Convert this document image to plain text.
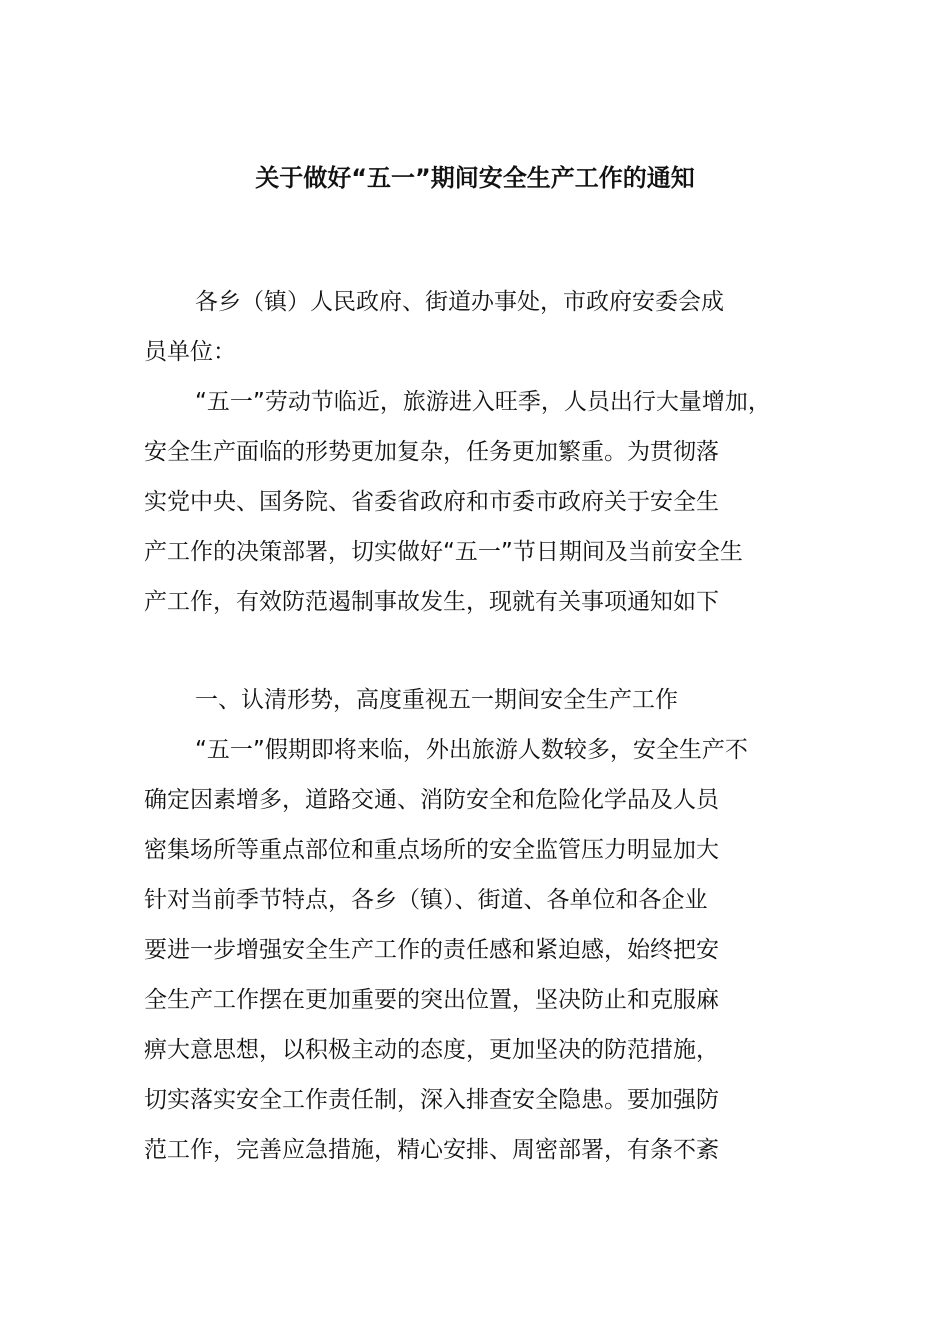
关于做好“五一”期间安全生产工作的通知
各乡（镇）人民政府、街道办事处，市政府安委会成
员单位：
“五一”劳动节临近，旅游进入旺季，人员出行大量增加，
安全生产面临的形势更加复杂，任务更加繁重。为贯彻落
实党中央、国务院、省委省政府和市委市政府关于安全生
产工作的决策部署，切实做好“五一”节日期间及当前安全生
产工作，有效防范遏制事故发生，现就有关事项通知如下
一、认清形势，高度重视五一期间安全生产工作
“五一”假期即将来临，外出旅游人数较多，安全生产不
确定因素增多，道路交通、消防安全和危险化学品及人员
密集场所等重点部位和重点场所的安全监管压力明显加大
针对当前季节特点，各乡（镇）、街道、各单位和各企业
要进一步增强安全生产工作的责任感和紧迫感，始终把安
全生产工作摆在更加重要的突出位置，坚决防止和克服麻
痹大意思想，以积极主动的态度，更加坚决的防范措施，
切实落实安全工作责任制，深入排查安全隐患。要加强防
范工作，完善应急措施，精心安排、周密部署，有条不紊
